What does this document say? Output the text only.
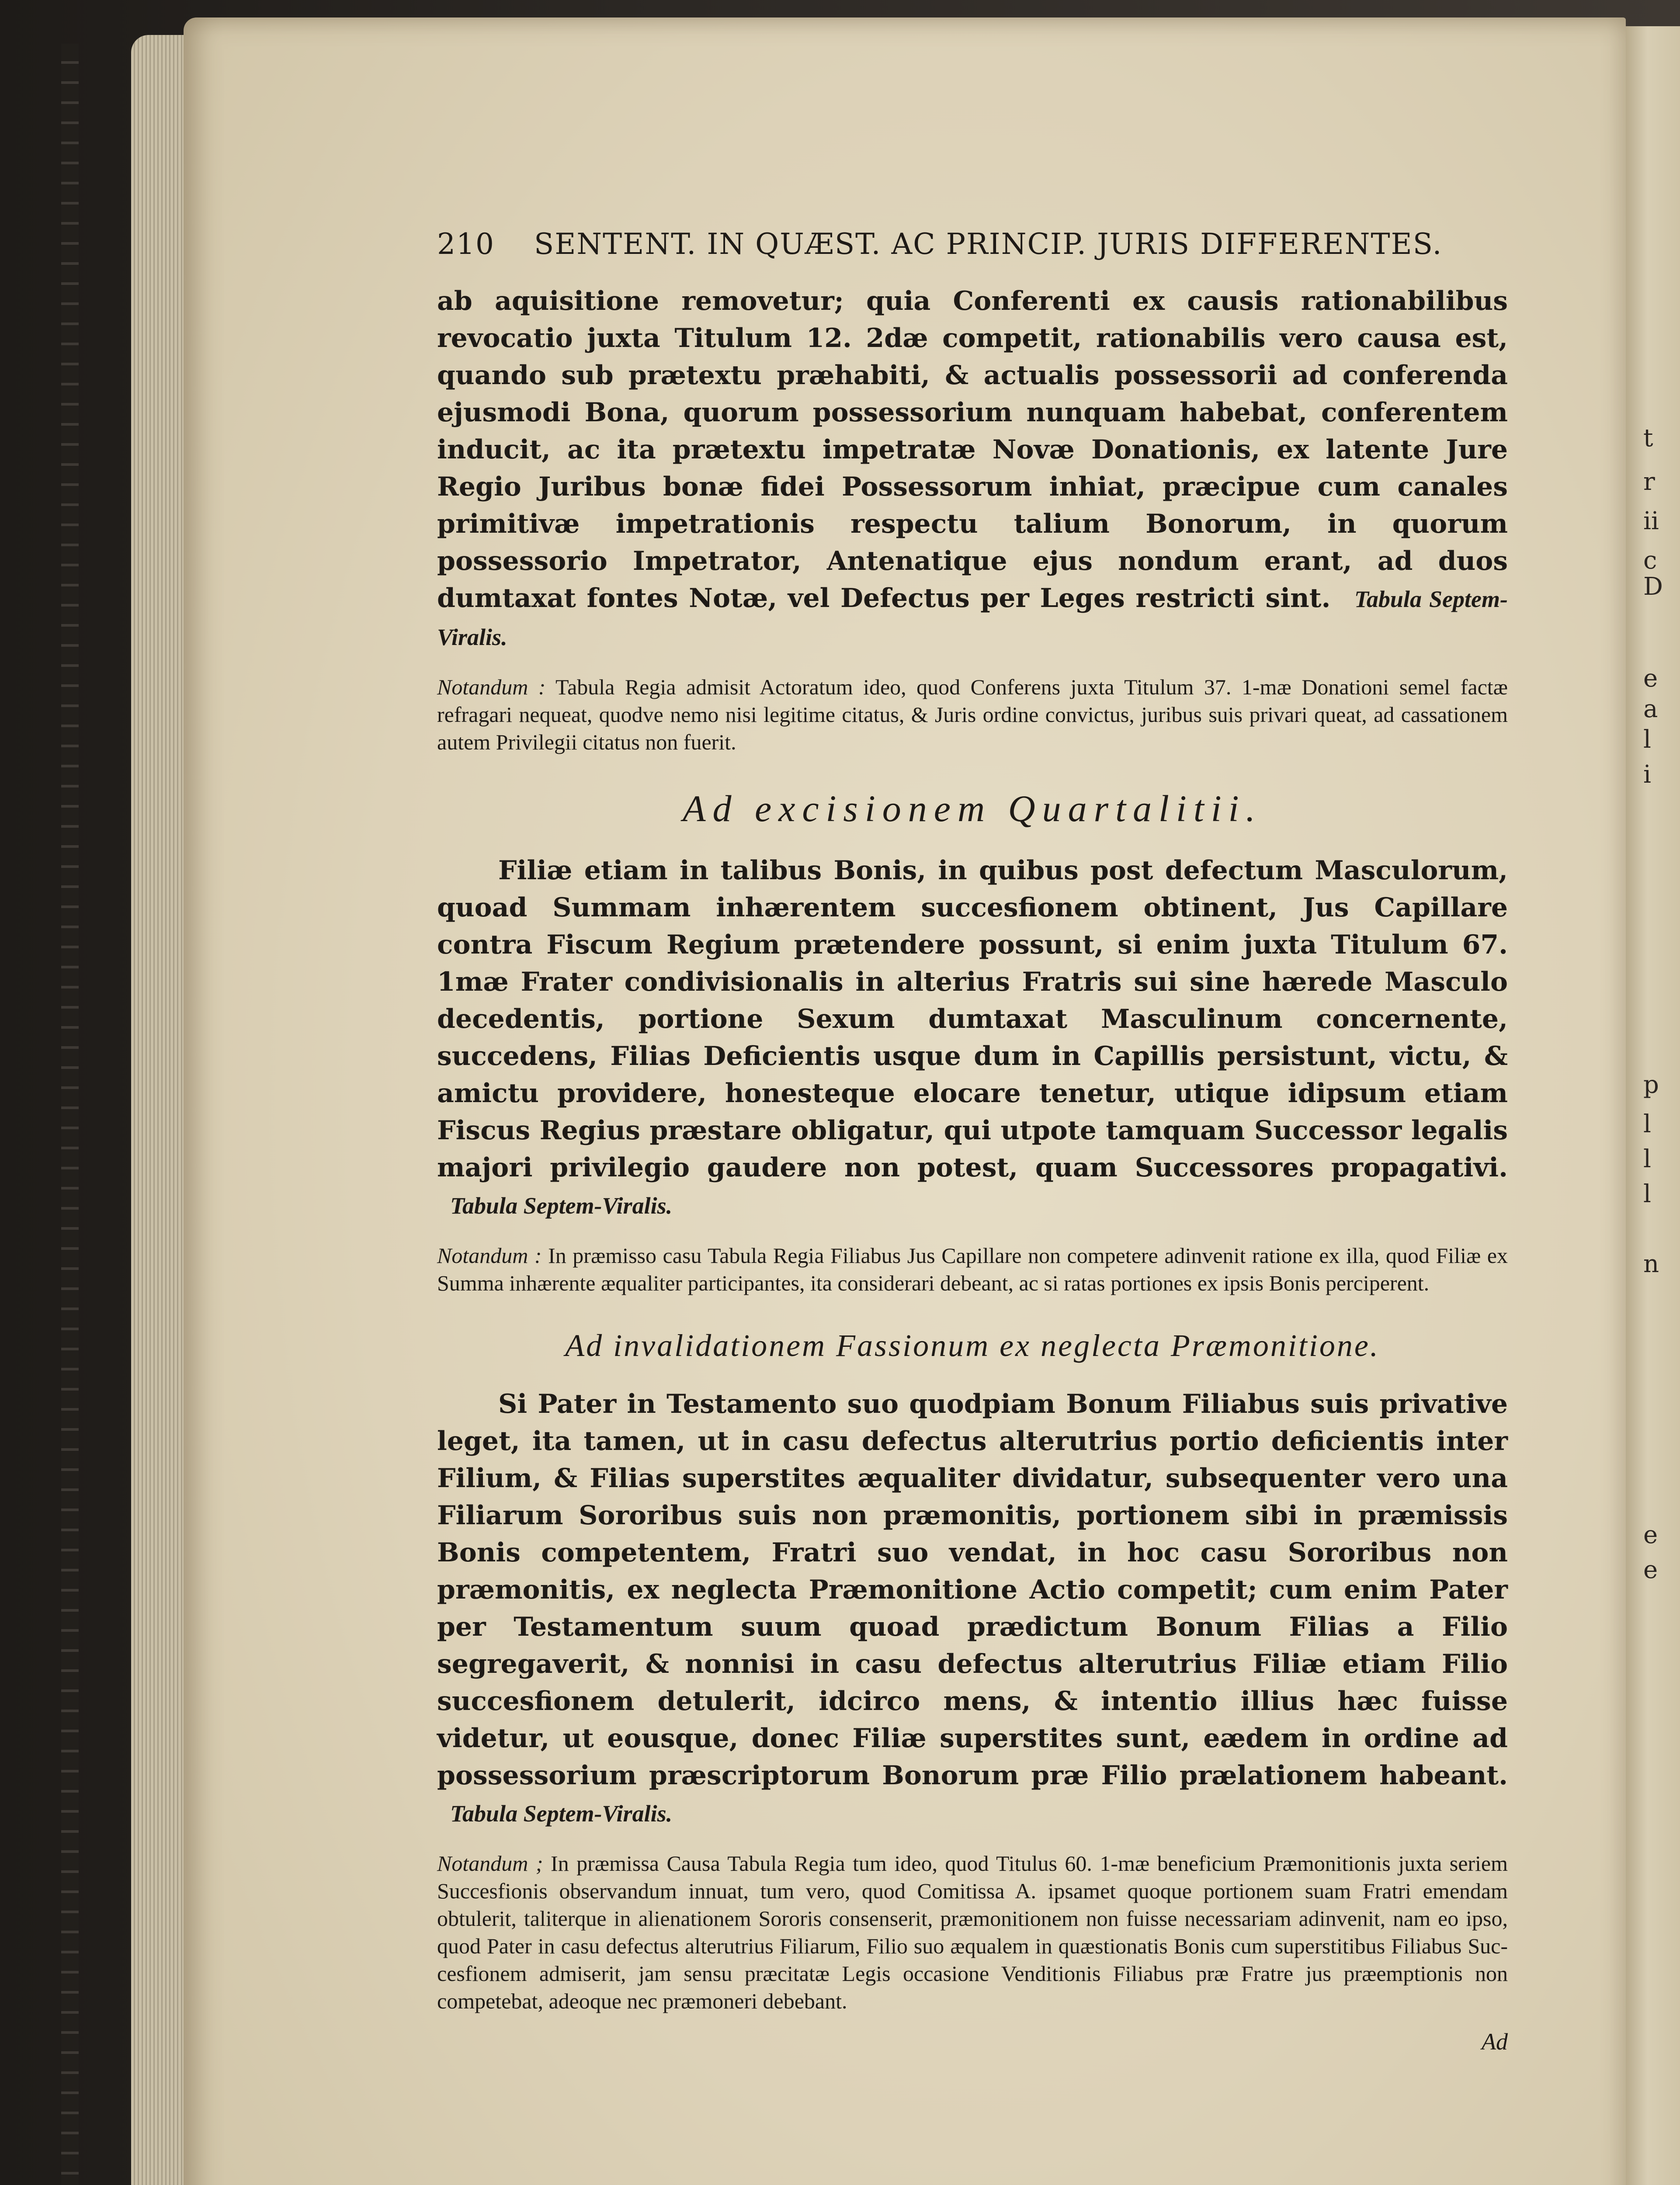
t
r
ii
c
D
e
a
l
i
p
l
l
l
e
e
n
210 SENTENT. IN QUÆST. AC PRINCIP. JURIS DIFFERENTES.
ab aquisitione removetur; quia Conferenti ex causis rationabilibus revocatio juxta Titulum 12. 2dæ competit, rationabilis vero causa est, quando sub prætextu præhabiti, & actualis possessorii ad conferenda ejusmodi Bona, quorum possessorium nunquam habebat, conferentem inducit, ac ita prætextu impetratæ Novæ Donationis, ex latente Jure Regio Juribus bonæ fidei Possessorum inhiat, præcipue cum canales primitivæ impetrationis respectu talium Bonorum, in quorum possessorio Impetrator, Antenatique ejus nondum erant, ad duos dumtaxat fontes Notæ, vel Defectus per Leges restricti sint. Tabula Septem-Viralis.
Notandum : Tabula Regia admisit Actoratum ideo, quod Conferens juxta Titulum 37. 1-mæ Donationi semel factæ refragari nequeat, quodve nemo nisi legitime citatus, & Juris ordine convictus, juribus suis privari queat, ad cassationem autem Privilegii citatus non fuerit.
Ad excisionem Quartalitii.
Filiæ etiam in talibus Bonis, in quibus post defectum Masculorum, quoad Summam inhærentem succesfionem obtinent, Jus Capillare contra Fiscum Regium prætendere possunt, si enim juxta Titulum 67. 1mæ Frater condivisionalis in alterius Fratris sui sine hærede Masculo decedentis, portione Sexum dumtaxat Masculinum concernente, succedens, Filias Deficientis usque dum in Capillis persistunt, victu, & amictu providere, honesteque elocare tenetur, utique idipsum etiam Fiscus Regius præstare obligatur, qui utpote tamquam Successor legalis majori privilegio gaudere non potest, quam Successores propagativi. Tabula Septem-Viralis.
Notandum : In præmisso casu Tabula Regia Filiabus Jus Capillare non competere adinvenit ratione ex illa, quod Filiæ ex Summa inhærente æqualiter participantes, ita considerari debeant, ac si ratas portiones ex ipsis Bonis perciperent.
Ad invalidationem Fassionum ex neglecta Præmonitione.
Si Pater in Testamento suo quodpiam Bonum Filiabus suis privative leget, ita tamen, ut in casu defectus alterutrius portio deficientis inter Filium, & Filias superstites æqualiter dividatur, subsequenter vero una Filiarum Sororibus suis non præmonitis, portionem sibi in præmissis Bonis competentem, Fratri suo vendat, in hoc casu Sororibus non præmonitis, ex neglecta Præmonitione Actio competit; cum enim Pater per Testamentum suum quoad prædictum Bonum Filias a Filio segregaverit, & nonnisi in casu defectus alterutrius Filiæ etiam Filio succesfionem detulerit, idcirco mens, & intentio illius hæc fuisse videtur, ut eousque, donec Filiæ superstites sunt, eædem in ordine ad possessorium præscriptorum Bonorum præ Filio prælationem habeant. Tabula Septem-Viralis.
Notandum ; In præmissa Causa Tabula Regia tum ideo, quod Titulus 60. 1-mæ beneficium Præmonitionis juxta seriem Succesfionis observandum innuat, tum vero, quod Comitissa A. ipsamet quoque portionem suam Fratri emendam obtulerit, taliterque in alienationem Sororis consenserit, præmonitionem non fuisse necessariam adinvenit, nam eo ipso, quod Pater in casu defectus alterutrius Filiarum, Filio suo æqualem in quæstionatis Bonis cum superstitibus Filiabus Suc-cesfionem admiserit, jam sensu præcitatæ Legis occasione Venditionis Filiabus præ Fratre jus præemptionis non competebat, adeoque nec præmoneri debebant.
Ad
